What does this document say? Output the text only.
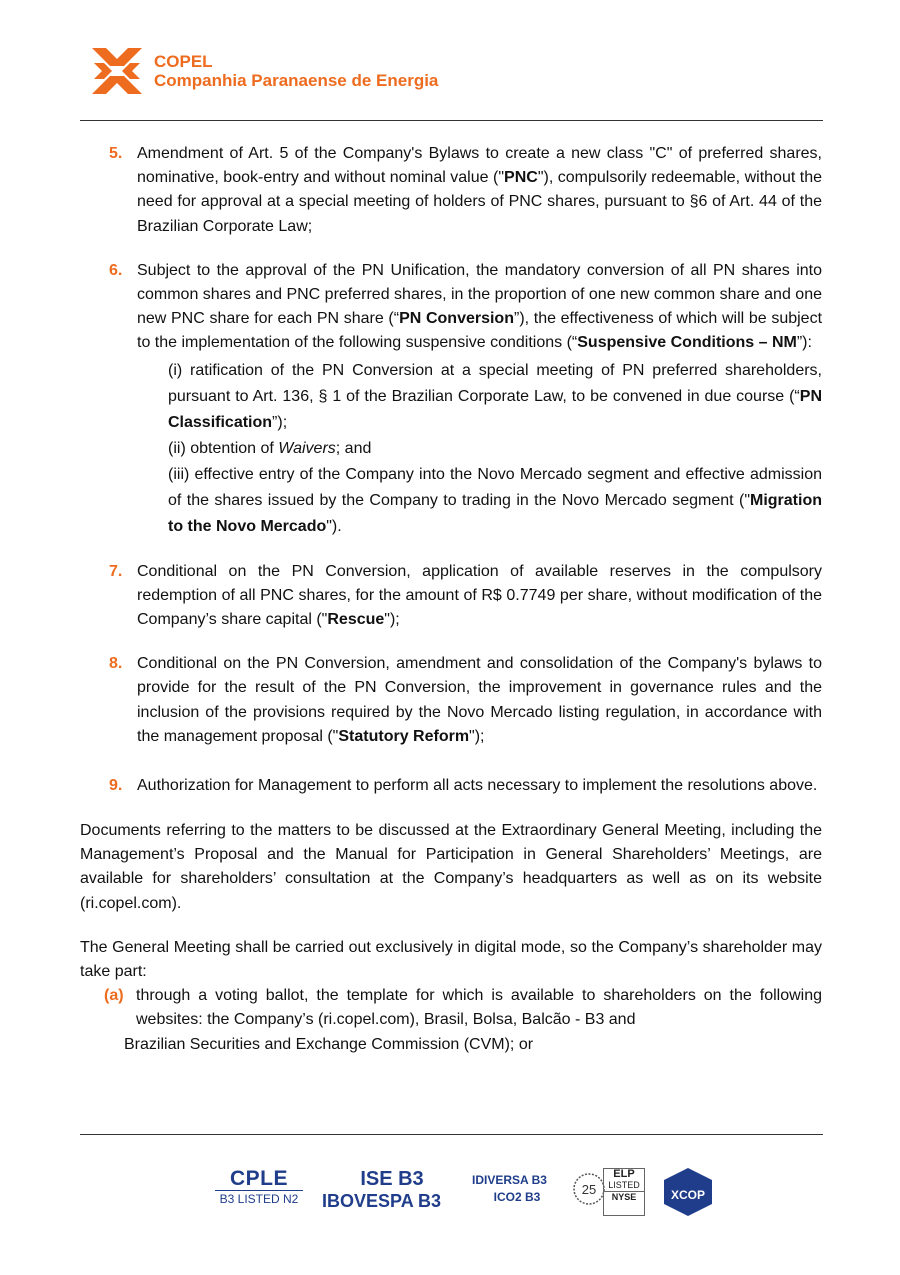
COPEL
Companhia Paranaense de Energia
5. Amendment of Art. 5 of the Company's Bylaws to create a new class "C" of preferred shares, nominative, book-entry and without nominal value ("PNC"), compulsorily redeemable, without the need for approval at a special meeting of holders of PNC shares, pursuant to §6 of Art. 44 of the Brazilian Corporate Law;
6. Subject to the approval of the PN Unification, the mandatory conversion of all PN shares into common shares and PNC preferred shares, in the proportion of one new common share and one new PNC share for each PN share (“PN Conversion”), the effectiveness of which will be subject to the implementation of the following suspensive conditions (“Suspensive Conditions – NM”):
(i) ratification of the PN Conversion at a special meeting of PN preferred shareholders, pursuant to Art. 136, § 1 of the Brazilian Corporate Law, to be convened in due course (“PN Classification”);
(ii) obtention of Waivers; and
(iii) effective entry of the Company into the Novo Mercado segment and effective admission of the shares issued by the Company to trading in the Novo Mercado segment ("Migration to the Novo Mercado").
7. Conditional on the PN Conversion, application of available reserves in the compulsory redemption of all PNC shares, for the amount of R$ 0.7749 per share, without modification of the Company’s share capital ("Rescue");
8. Conditional on the PN Conversion, amendment and consolidation of the Company's bylaws to provide for the result of the PN Conversion, the improvement in governance rules and the inclusion of the provisions required by the Novo Mercado listing regulation, in accordance with the management proposal ("Statutory Reform");
9. Authorization for Management to perform all acts necessary to implement the resolutions above.

Documents referring to the matters to be discussed at the Extraordinary General Meeting, including the Management’s Proposal and the Manual for Participation in General Shareholders’ Meetings, are available for shareholders’ consultation at the Company’s headquarters as well as on its website (ri.copel.com).

The General Meeting shall be carried out exclusively in digital mode, so the Company’s shareholder may take part:

(a) through a voting ballot, the template for which is available to shareholders on the following websites: the Company’s (ri.copel.com), Brasil, Bolsa, Balcão - B3 and
Brazilian Securities and Exchange Commission (CVM); or
CPLE
B3 LISTED N2
ISE B3
IBOVESPA B3
IDIVERSA B3
ICO2 B3	25
ELP
LISTED
NYSE	XCOP
